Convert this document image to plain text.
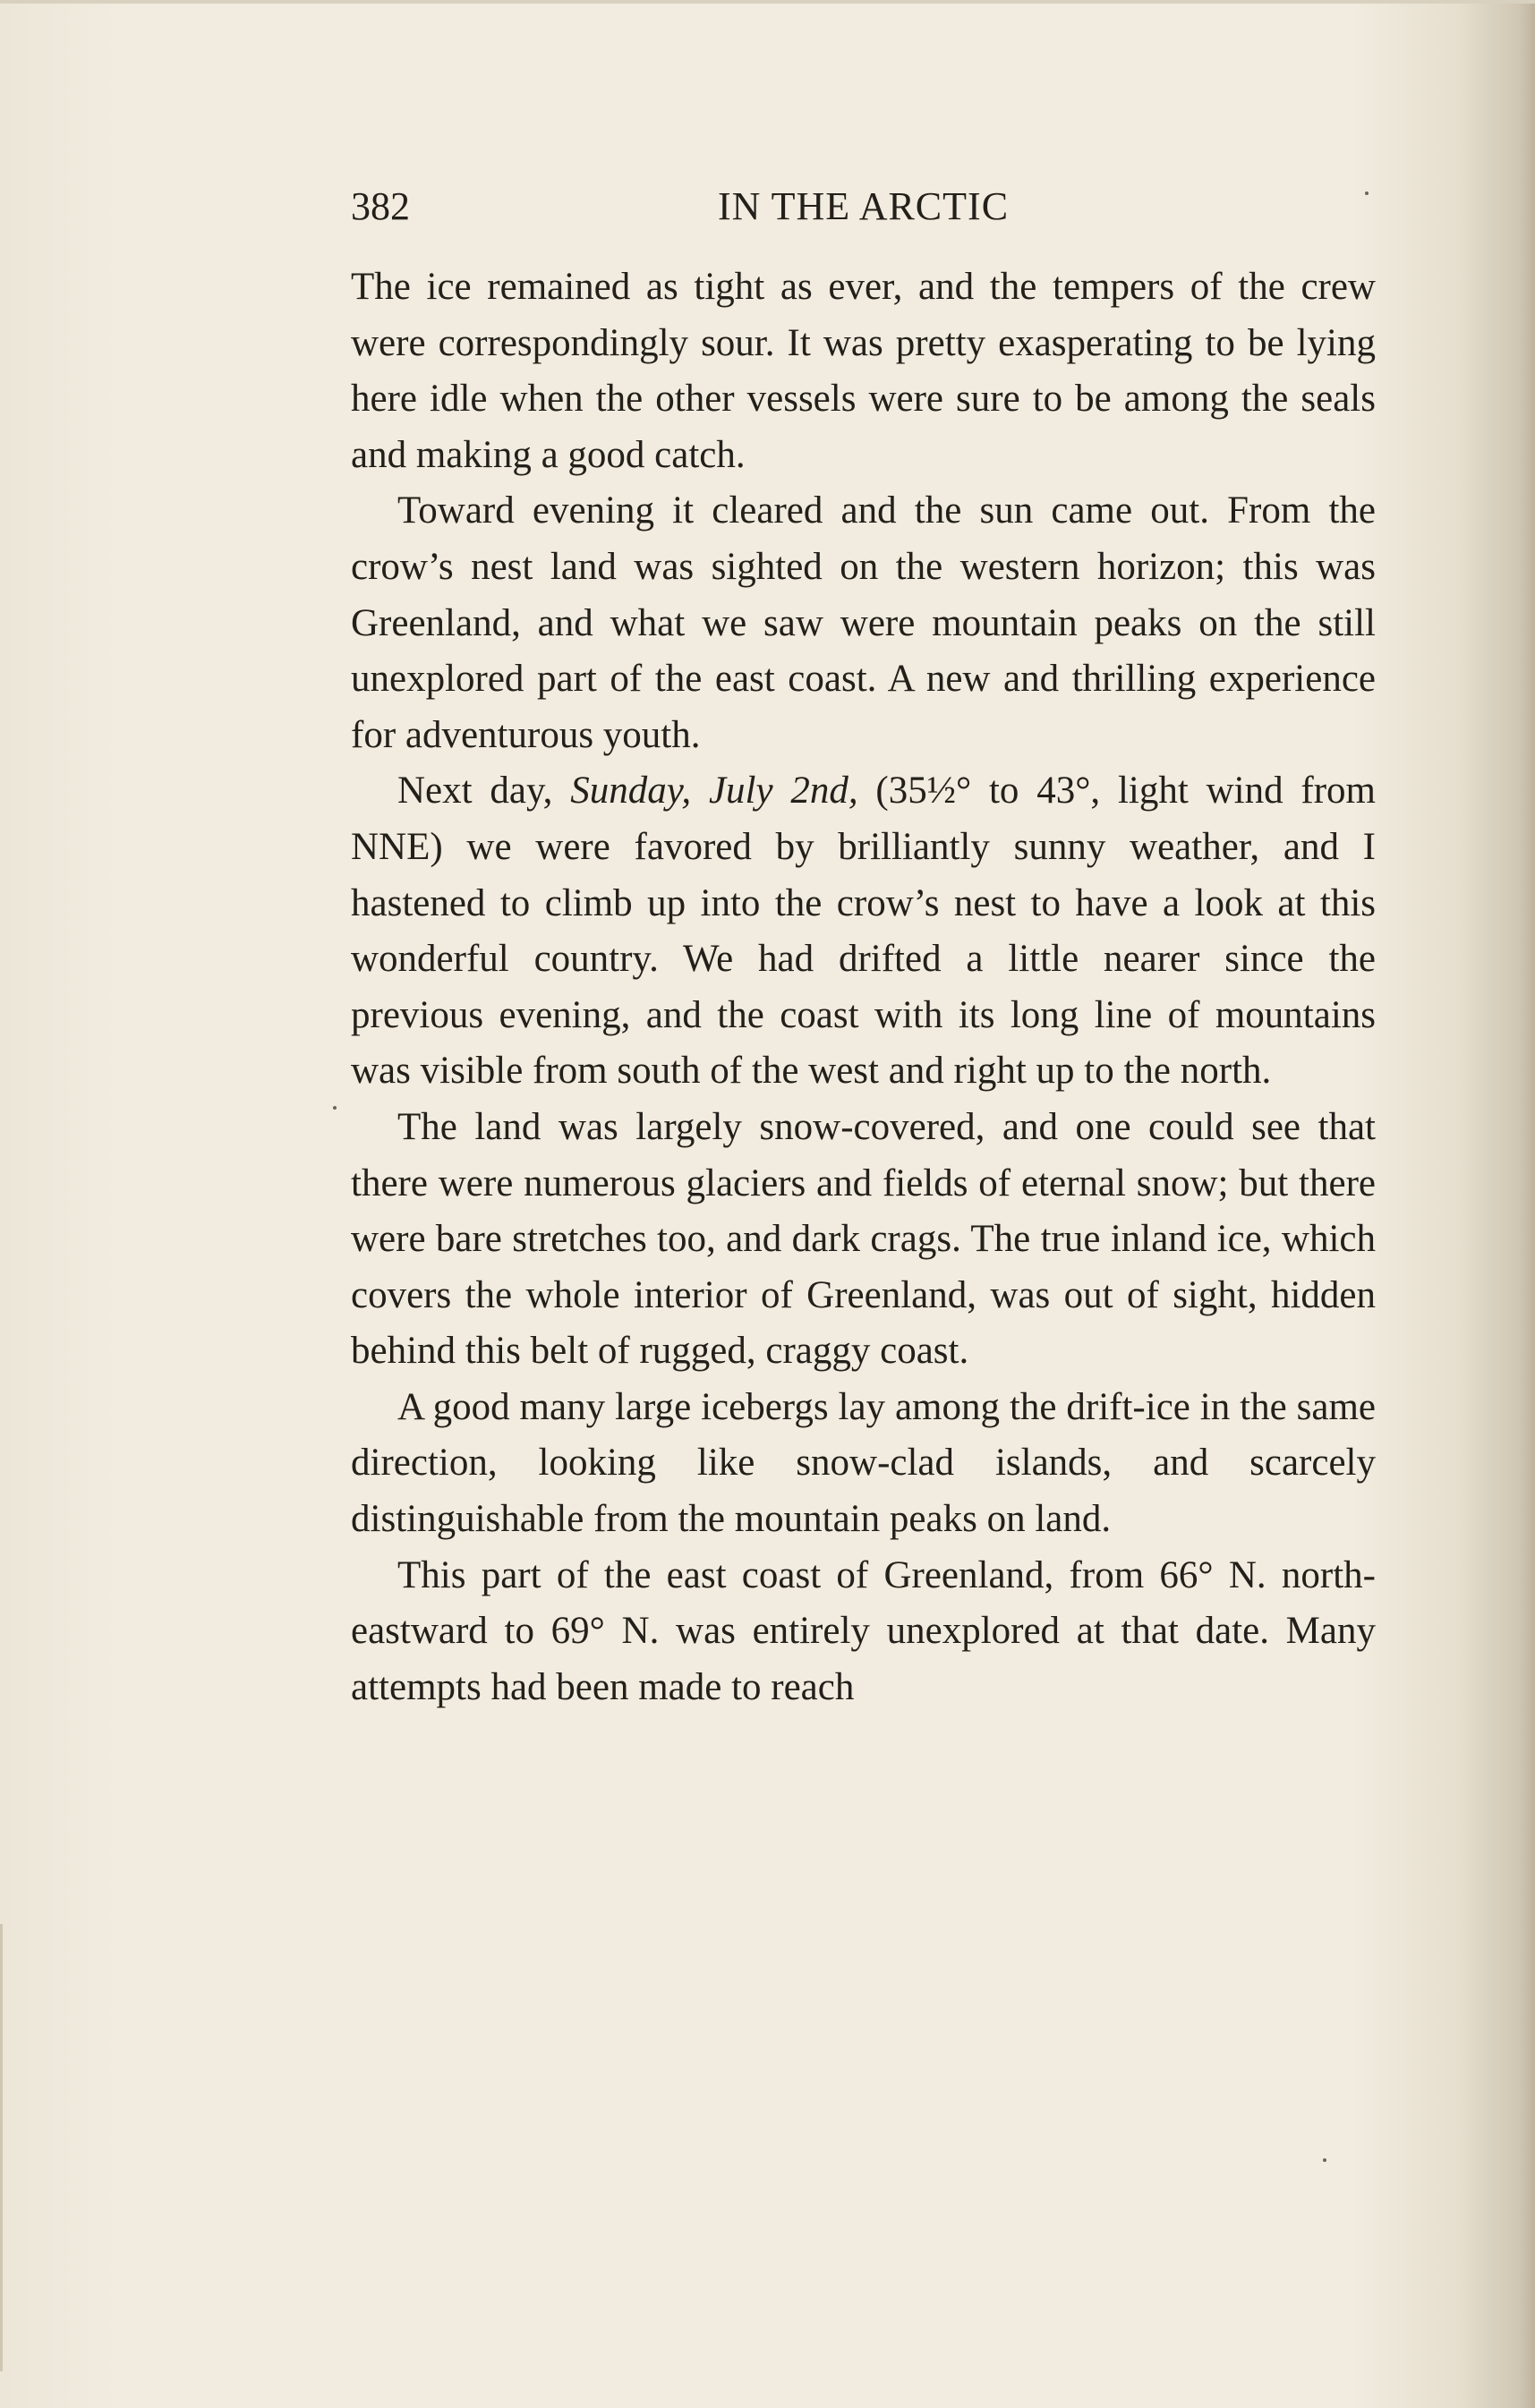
IN THE ARCTIC
382

The ice remained as tight as ever, and the tempers of the crew were correspondingly sour. It was pretty exasperating to be lying here idle when the other vessels were sure to be among the seals and making a good catch.

Toward evening it cleared and the sun came out. From the crow’s nest land was sighted on the western horizon; this was Greenland, and what we saw were mountain peaks on the still unexplored part of the east coast. A new and thrilling experience for adventurous youth.

Next day, Sunday, July 2nd, (35½° to 43°, light wind from NNE) we were favored by brilliantly sunny weather, and I hastened to climb up into the crow’s nest to have a look at this wonderful country. We had drifted a little nearer since the previous evening, and the coast with its long line of mountains was visible from south of the west and right up to the north.

The land was largely snow-covered, and one could see that there were numerous glaciers and fields of eternal snow; but there were bare stretches too, and dark crags. The true inland ice, which covers the whole interior of Greenland, was out of sight, hidden behind this belt of rugged, craggy coast.

A good many large icebergs lay among the drift-ice in the same direction, looking like snow-clad islands, and scarcely distinguishable from the mountain peaks on land.

This part of the east coast of Greenland, from 66° N. north-eastward to 69° N. was entirely unexplored at that date. Many attempts had been made to reach
